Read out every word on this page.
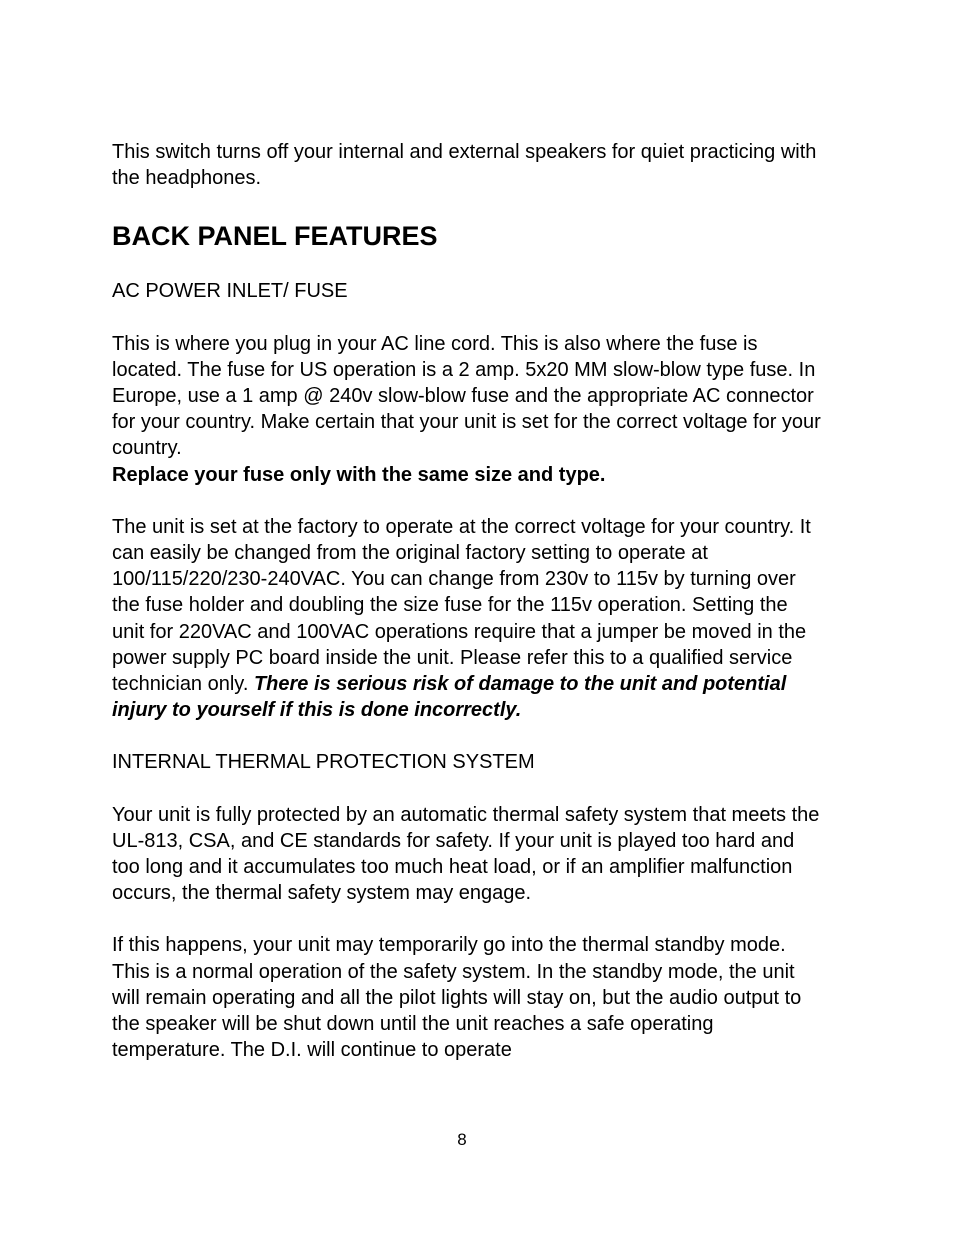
This switch turns off your internal and external speakers for quiet practicing with the headphones.

BACK PANEL FEATURES

AC POWER INLET/ FUSE

This is where you plug in your AC line cord. This is also where the fuse is located. The fuse for US operation is a 2 amp. 5x20 MM slow-blow type fuse. In Europe, use a 1 amp @ 240v slow-blow fuse and the appropriate AC connector for your country. Make certain that your unit is set for the correct voltage for your country.

Replace your fuse only with the same size and type.

The unit is set at the factory to operate at the correct voltage for your country. It can easily be changed from the original factory setting to operate at 100/115/220/230-240VAC. You can change from 230v to 115v by turning over the fuse holder and doubling the size fuse for the 115v operation. Setting the unit for 220VAC and 100VAC operations require that a jumper be moved in the power supply PC board inside the unit. Please refer this to a qualified service technician only. There is serious risk of damage to the unit and potential injury to yourself if this is done incorrectly.

INTERNAL THERMAL PROTECTION SYSTEM

Your unit is fully protected by an automatic thermal safety system that meets the UL-813, CSA, and CE standards for safety. If your unit is played too hard and too long and it accumulates too much heat load, or if an amplifier malfunction occurs, the thermal safety system may engage.

If this happens, your unit may temporarily go into the thermal standby mode. This is a normal operation of the safety system. In the standby mode, the unit will remain operating and all the pilot lights will stay on, but the audio output to the speaker will be shut down until the unit reaches a safe operating temperature. The D.I. will continue to operate

8
